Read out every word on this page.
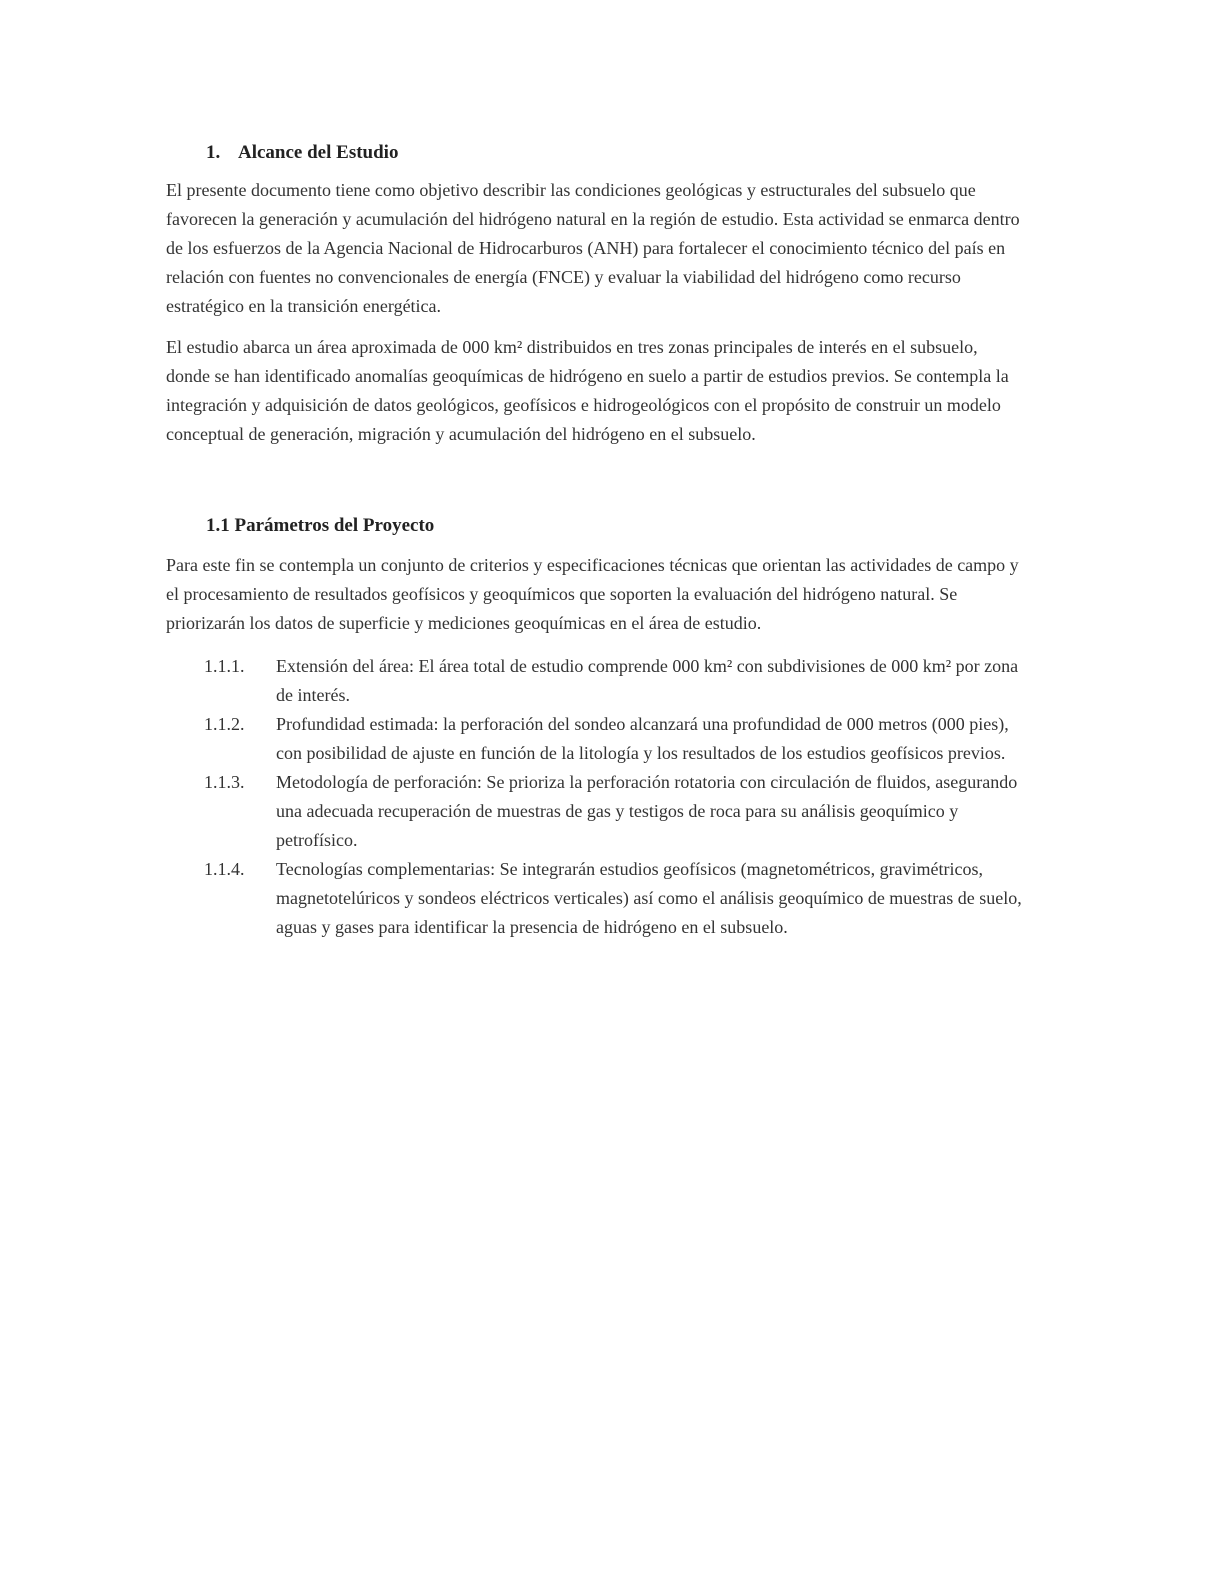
1. Alcance del Estudio

El presente documento tiene como objetivo describir las condiciones geológicas y estructurales del subsuelo que favorecen la generación y acumulación del hidrógeno natural en la región de estudio. Esta actividad se enmarca dentro de los esfuerzos de la Agencia Nacional de Hidrocarburos (ANH) para fortalecer el conocimiento técnico del país en relación con fuentes no convencionales de energía (FNCE) y evaluar la viabilidad del hidrógeno como recurso estratégico en la transición energética.

El estudio abarca un área aproximada de 000 km² distribuidos en tres zonas principales de interés en el subsuelo, donde se han identificado anomalías geoquímicas de hidrógeno en suelo a partir de estudios previos. Se contempla la integración y adquisición de datos geológicos, geofísicos e hidrogeológicos con el propósito de construir un modelo conceptual de generación, migración y acumulación del hidrógeno en el subsuelo.

1.1 Parámetros del Proyecto

Para este fin se contempla un conjunto de criterios y especificaciones técnicas que orientan las actividades de campo y el procesamiento de resultados geofísicos y geoquímicos que soporten la evaluación del hidrógeno natural. Se priorizarán los datos de superficie y mediciones geoquímicas en el área de estudio.

1.1.1.	Extensión del área: El área total de estudio comprende 000 km² con subdivisiones de 000 km² por zona de interés.
1.1.2.	Profundidad estimada: la perforación del sondeo alcanzará una profundidad de 000 metros (000 pies), con posibilidad de ajuste en función de la litología y los resultados de los estudios geofísicos previos.
1.1.3.	Metodología de perforación: Se prioriza la perforación rotatoria con circulación de fluidos, asegurando una adecuada recuperación de muestras de gas y testigos de roca para su análisis geoquímico y petrofísico.
1.1.4.	Tecnologías complementarias: Se integrarán estudios geofísicos (magnetométricos, gravimétricos, magnetotelúricos y sondeos eléctricos verticales) así como el análisis geoquímico de muestras de suelo, aguas y gases para identificar la presencia de hidrógeno en el subsuelo.
